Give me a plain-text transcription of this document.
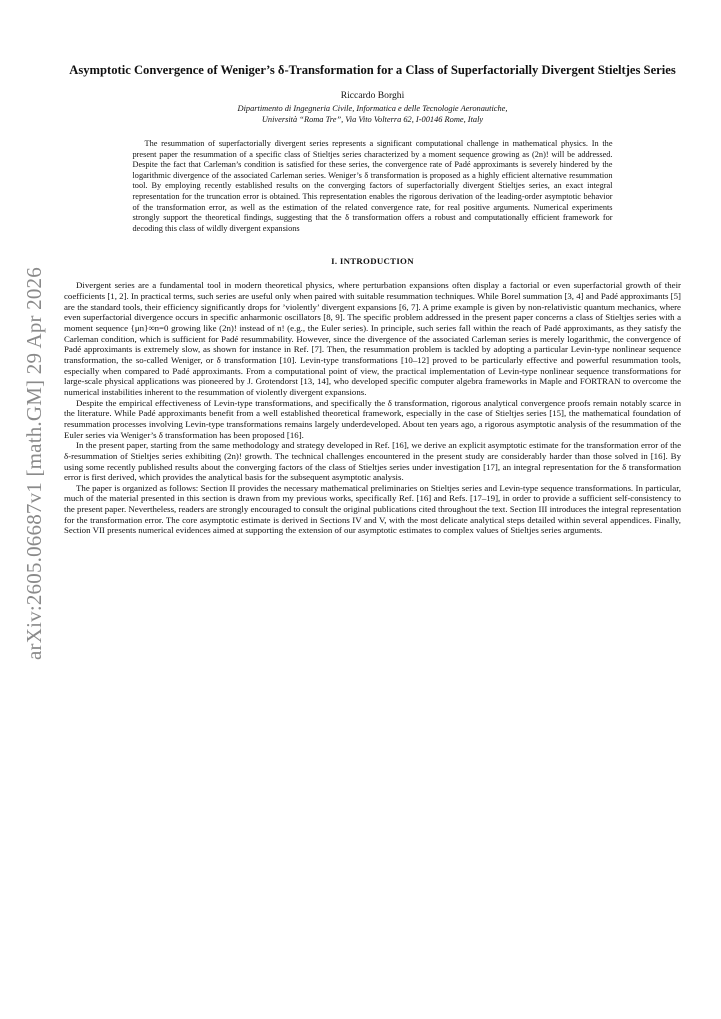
arXiv:2605.06687v1 [math.GM] 29 Apr 2026
Asymptotic Convergence of Weniger’s δ-Transformation for a Class of Superfactorially Divergent Stieltjes Series
Riccardo Borghi
Dipartimento di Ingegneria Civile, Informatica e delle Tecnologie Aeronautiche,
Università “Roma Tre”, Via Vito Volterra 62, I-00146 Rome, Italy
The resummation of superfactorially divergent series represents a significant computational challenge in mathematical physics. In the present paper the resummation of a specific class of Stieltjes series characterized by a moment sequence growing as (2n)! will be addressed. Despite the fact that Carleman’s condition is satisfied for these series, the convergence rate of Padé approximants is severely hindered by the logarithmic divergence of the associated Carleman series. Weniger’s δ transformation is proposed as a highly efficient alternative resummation tool. By employing recently established results on the converging factors of superfactorially divergent Stieltjes series, an exact integral representation for the truncation error is obtained. This representation enables the rigorous derivation of the leading-order asymptotic behavior of the transformation error, as well as the estimation of the related convergence rate, for real positive arguments. Numerical experiments strongly support the theoretical findings, suggesting that the δ transformation offers a robust and computationally efficient framework for decoding this class of wildly divergent expansions
I. INTRODUCTION

Divergent series are a fundamental tool in modern theoretical physics, where perturbation expansions often display a factorial or even superfactorial growth of their coefficients [1, 2]. In practical terms, such series are useful only when paired with suitable resummation techniques. While Borel summation [3, 4] and Padé approximants [5] are the standard tools, their efficiency significantly drops for ’violently’ divergent expansions [6, 7]. A prime example is given by non-relativistic quantum mechanics, where even superfactorial divergence occurs in specific anharmonic oscillators [8, 9]. The specific problem addressed in the present paper concerns a class of Stieltjes series with a moment sequence {μn}∞n=0 growing like (2n)! instead of n! (e.g., the Euler series). In principle, such series fall within the reach of Padé approximants, as they satisfy the Carleman condition, which is sufficient for Padé resummability. However, since the divergence of the associated Carleman series is merely logarithmic, the convergence of Padé approximants is extremely slow, as shown for instance in Ref. [7]. Then, the resummation problem is tackled by adopting a particular Levin-type nonlinear sequence transformation, the so-called Weniger, or δ transformation [10]. Levin-type transformations [10–12] proved to be particularly effective and powerful resummation tools, especially when compared to Padé approximants. From a computational point of view, the practical implementation of Levin-type nonlinear sequence transformations for large-scale physical applications was pioneered by J. Grotendorst [13, 14], who developed specific computer algebra frameworks in Maple and FORTRAN to overcome the numerical instabilities inherent to the resummation of violently divergent expansions.

Despite the empirical effectiveness of Levin-type transformations, and specifically the δ transformation, rigorous analytical convergence proofs remain notably scarce in the literature. While Padé approximants benefit from a well established theoretical framework, especially in the case of Stieltjes series [15], the mathematical foundation of resummation processes involving Levin-type transformations remains largely underdeveloped. About ten years ago, a rigorous asymptotic analysis of the resummation of the Euler series via Weniger’s δ transformation has been proposed [16].

In the present paper, starting from the same methodology and strategy developed in Ref. [16], we derive an explicit asymptotic estimate for the transformation error of the δ-resummation of Stieltjes series exhibiting (2n)! growth. The technical challenges encountered in the present study are considerably harder than those solved in [16]. By using some recently published results about the converging factors of the class of Stieltjes series under investigation [17], an integral representation for the δ transformation error is first derived, which provides the analytical basis for the subsequent asymptotic analysis.

The paper is organized as follows: Section II provides the necessary mathematical preliminaries on Stieltjes series and Levin-type sequence transformations. In particular, much of the material presented in this section is drawn from my previous works, specifically Ref. [16] and Refs. [17–19], in order to provide a sufficient self-consistency to the present paper. Nevertheless, readers are strongly encouraged to consult the original publications cited throughout the text. Section III introduces the integral representation for the transformation error. The core asymptotic estimate is derived in Sections IV and V, with the most delicate analytical steps detailed within several appendices. Finally, Section VII presents numerical evidences aimed at supporting the extension of our asymptotic estimates to complex values of Stieltjes series arguments.
